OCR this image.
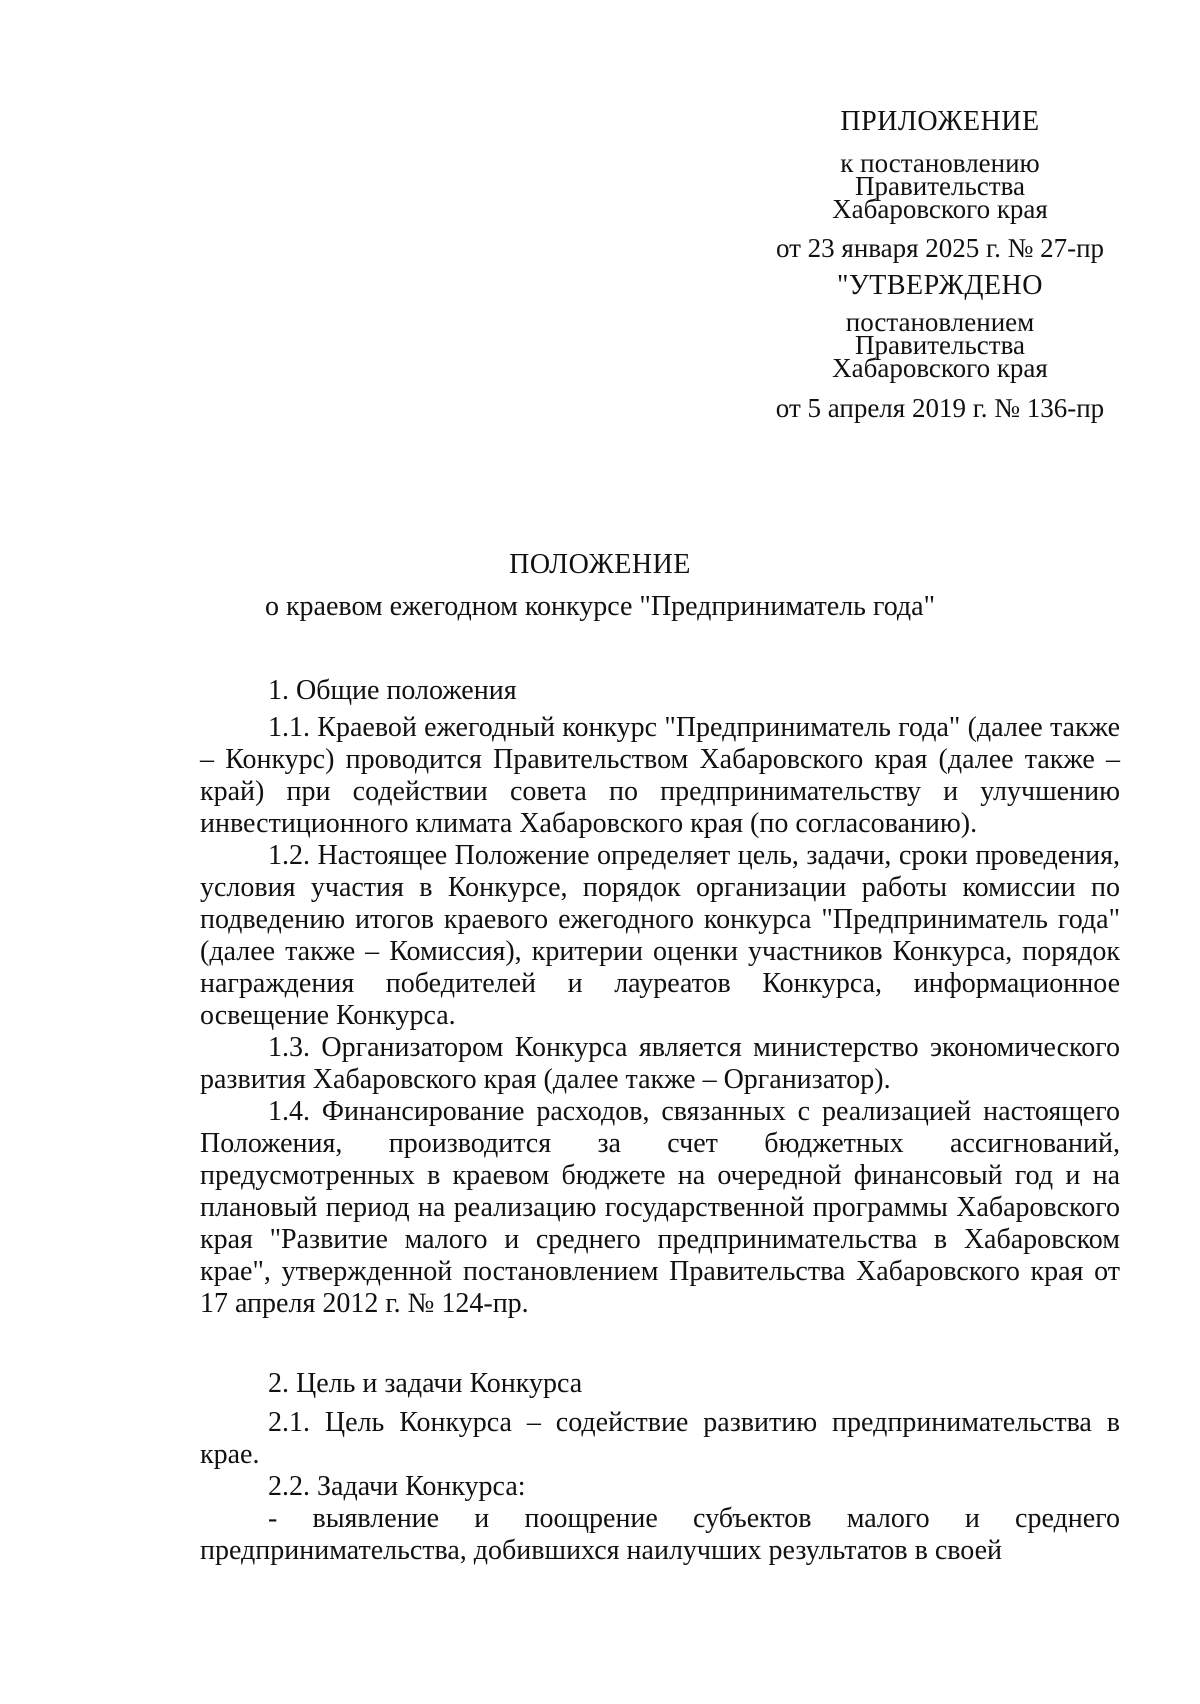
ПРИЛОЖЕНИЕ
к постановлению
Правительства
Хабаровского края
от 23 января 2025 г. № 27-пр
"УТВЕРЖДЕНО
постановлением
Правительства
Хабаровского края
от 5 апреля 2019 г. № 136-пр
ПОЛОЖЕНИЕ
о краевом ежегодном конкурсе "Предприниматель года"
1. Общие положения

1.1. Краевой ежегодный конкурс "Предприниматель года" (далее также – Конкурс) проводится Правительством Хабаровского края (далее также – край) при содействии совета по предпринимательству и улучшению инвестиционного климата Хабаровского края (по согласованию).

1.2. Настоящее Положение определяет цель, задачи, сроки проведения, условия участия в Конкурсе, порядок организации работы комиссии по подведению итогов краевого ежегодного конкурса "Предприниматель года" (далее также – Комиссия), критерии оценки участников Конкурса, порядок награждения победителей и лауреатов Конкурса, информационное освещение Конкурса.

1.3. Организатором Конкурса является министерство экономического развития Хабаровского края (далее также – Организатор).

1.4. Финансирование расходов, связанных с реализацией настоящего Положения, производится за счет бюджетных ассигнований, предусмотренных в краевом бюджете на очередной финансовый год и на плановый период на реализацию государственной программы Хабаровского края "Развитие малого и среднего предпринимательства в Хабаровском крае", утвержденной постановлением Правительства Хабаровского края от 17 апреля 2012 г. № 124-пр.

2. Цель и задачи Конкурса

2.1. Цель Конкурса – содействие развитию предпринимательства в крае.

2.2. Задачи Конкурса:

- выявление и поощрение субъектов малого и среднего предпринимательства, добившихся наилучших результатов в своей
